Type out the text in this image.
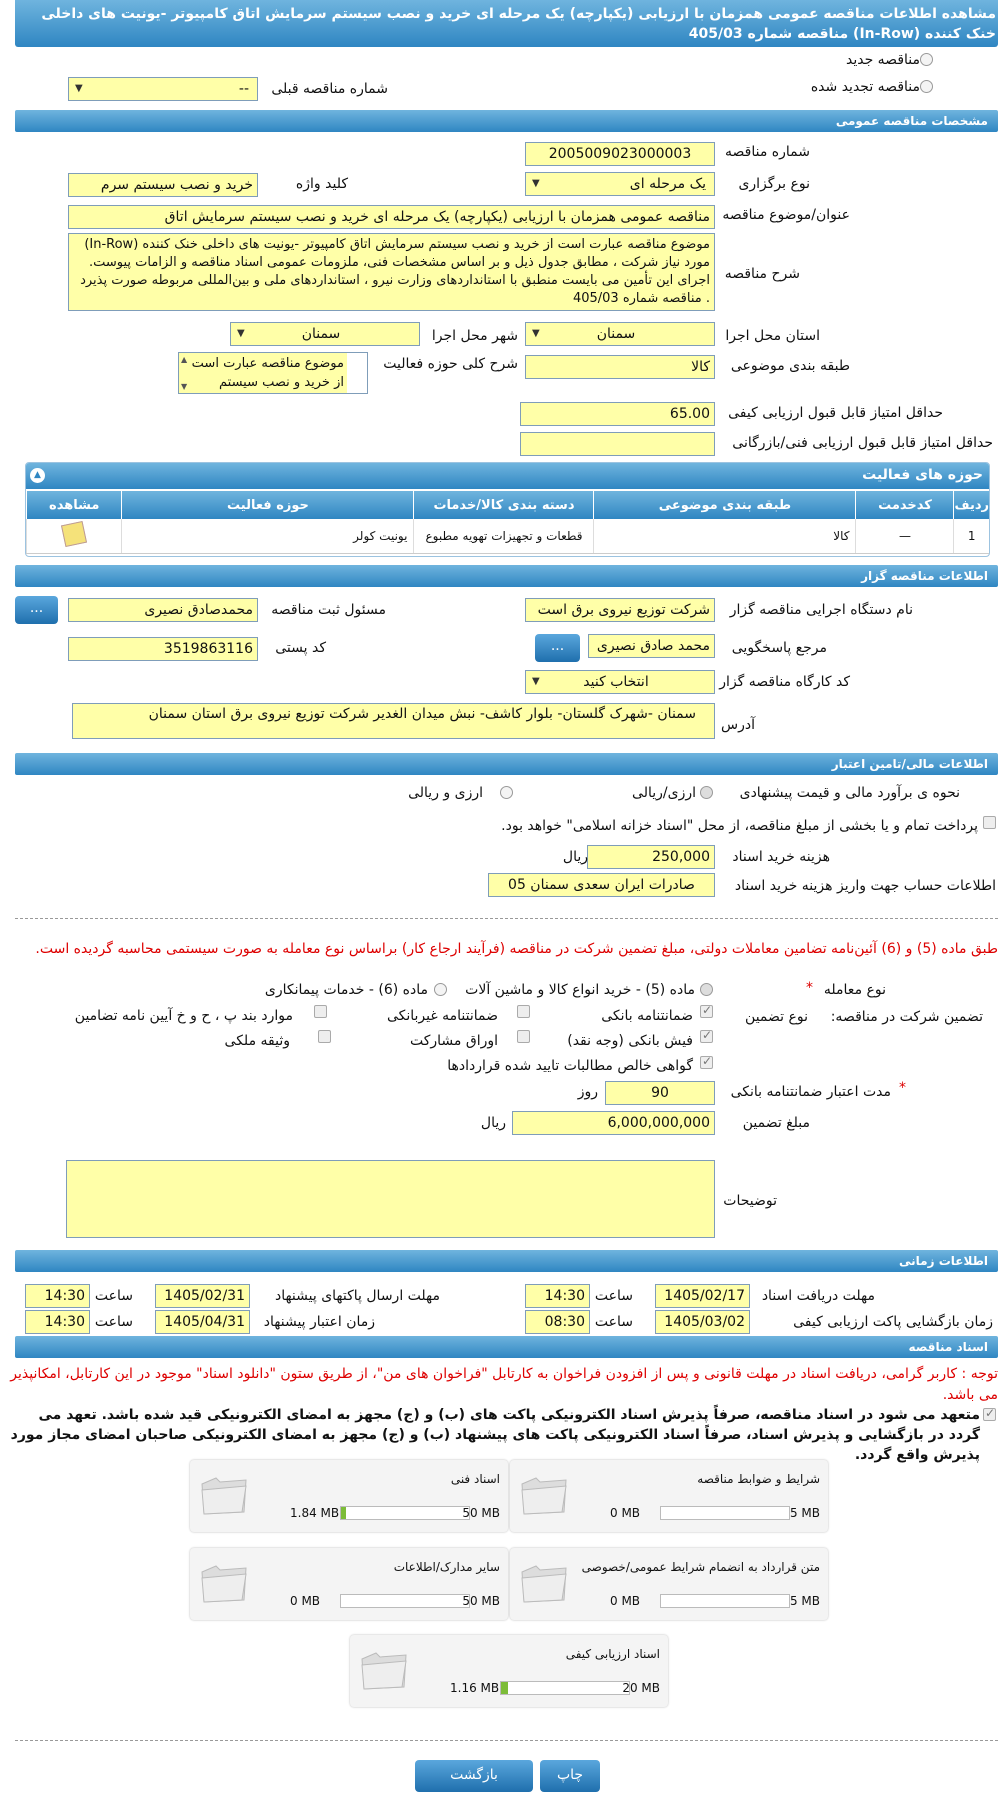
مشاهده اطلاعات مناقصه عمومی همزمان با ارزیابی (یکپارچه) یک مرحله ای خرید و نصب سیستم سرمایش اتاق کامپیوتر -یونیت های داخلی خنک کننده (In-Row) مناقصه شماره 405/03
مناقصه جدید
مناقصه تجدید شده
شماره مناقصه قبلی
--
▼
مشخصات مناقصه عمومی
شماره مناقصه
2005009023000003
نوع برگزاری
یک مرحله ای
▼
کلید واژه
خرید و نصب سیستم سرم
عنوان/موضوع مناقصه
مناقصه عمومی همزمان با ارزیابی (یکپارچه) یک مرحله ای خرید و نصب سیستم سرمایش اتاق
شرح مناقصه
موضوع مناقصه عبارت است از خرید و نصب سیستم سرمایش اتاق کامپیوتر -یونیت های داخلی خنک کننده (In-Row) مورد نیاز شرکت ، مطابق جدول ذیل و بر اساس مشخصات فنی، ملزومات عمومی اسناد مناقصه و الزامات پیوست. اجرای این تأمین می بایست منطبق با استانداردهای وزارت نیرو ، استانداردهای ملی و بین‌المللی مربوطه صورت پذیرد . مناقصه شماره 405/03
استان محل اجرا
سمنان
▼
شهر محل اجرا
سمنان
▼
طبقه بندی موضوعی
کالا
شرح کلی حوزه فعالیت
موضوع مناقصه عبارت است از خرید و نصب سیستم
▲
▼
حداقل امتیاز قابل قبول ارزیابی کیفی
65.00
حداقل امتیاز قابل قبول ارزیابی فنی/بازرگانی
حوزه های فعالیت
▲
ردیف	کدخدمت	طبقه بندی موضوعی	دسته بندی کالا/خدمات	حوزه فعالیت	مشاهده
1	—	کالا	قطعات و تجهیزات تهویه مطبوع	یونیت کولر	
اطلاعات مناقصه گزار
نام دستگاه اجرایی مناقصه گزار
شرکت توزیع نیروی برق است
مسئول ثبت مناقصه
محمدصادق نصیری
...
مرجع پاسخگویی
محمد صادق نصیری
...
کد پستی
3519863116
کد کارگاه مناقصه گزار
انتخاب کنید
▼
آدرس
سمنان -شهرک گلستان- بلوار کاشف- نبش میدان الغدیر شرکت توزیع نیروی برق استان سمنان
اطلاعات مالی/تامین اعتبار
نحوه ی برآورد مالی و قیمت پیشنهادی
ارزی/ریالی
ارزی و ریالی
پرداخت تمام و یا بخشی از مبلغ مناقصه، از محل "اسناد خزانه اسلامی" خواهد بود.
هزینه خرید اسناد
250,000
ریال
اطلاعات حساب جهت واریز هزینه خرید اسناد
صادرات ایران سعدی سمنان 05
طبق ماده (5) و (6) آئین‌نامه تضامین معاملات دولتی، مبلغ تضمین شرکت در مناقصه (فرآیند ارجاع کار) براساس نوع معامله به صورت سیستمی محاسبه گردیده است.
* نوع معامله
ماده (5) - خرید انواع کالا و ماشین آلات
ماده (6) - خدمات پیمانکاری
تضمین شرکت در مناقصه:
نوع تضمین
✓
ضمانتنامه بانکی
ضمانتنامه غیربانکی
موارد بند پ ، ح و خ آیین نامه تضامین
✓
فیش بانکی (وجه نقد)
اوراق مشارکت
وثیقه ملکی
✓
گواهی خالص مطالبات تایید شده قراردادها
*
مدت اعتبار ضمانتنامه بانکی
90
روز
مبلغ تضمین
6,000,000,000
ریال
توضیحات
اطلاعات زمانی
مهلت دریافت اسناد
1405/02/17
ساعت
14:30
مهلت ارسال پاکتهای پیشنهاد
1405/02/31
ساعت
14:30
زمان بازگشایی پاکت ارزیابی کیفی
1405/03/02
ساعت
08:30
زمان اعتبار پیشنهاد
1405/04/31
ساعت
14:30
اسناد مناقصه
توجه : کاربر گرامی، دریافت اسناد در مهلت قانونی و پس از افزودن فراخوان به کارتابل "فراخوان های من"، از طریق ستون "دانلود اسناد" موجود در این کارتابل، امکانپذیر می باشد.
✓
متعهد می شود در اسناد مناقصه، صرفاً پذیرش اسناد الکترونیکی پاکت های (ب) و (ج) مجهز به امضای الکترونیکی قید شده باشد. تعهد می گردد در بازگشایی و پذیرش اسناد، صرفاً اسناد الکترونیکی پاکت های پیشنهاد (ب) و (ج) مجهز به امضای الکترونیکی صاحبان امضای مجاز مورد پذیرش واقع گردد.
شرایط و ضوابط مناقصه
0 MB	5 MB
اسناد فنی
1.84 MB	50 MB
متن قرارداد به انضمام شرایط عمومی/خصوصی
0 MB	5 MB
سایر مدارک/اطلاعات
0 MB	50 MB
اسناد ارزیابی کیفی
1.16 MB	20 MB
چاپ
بازگشت
